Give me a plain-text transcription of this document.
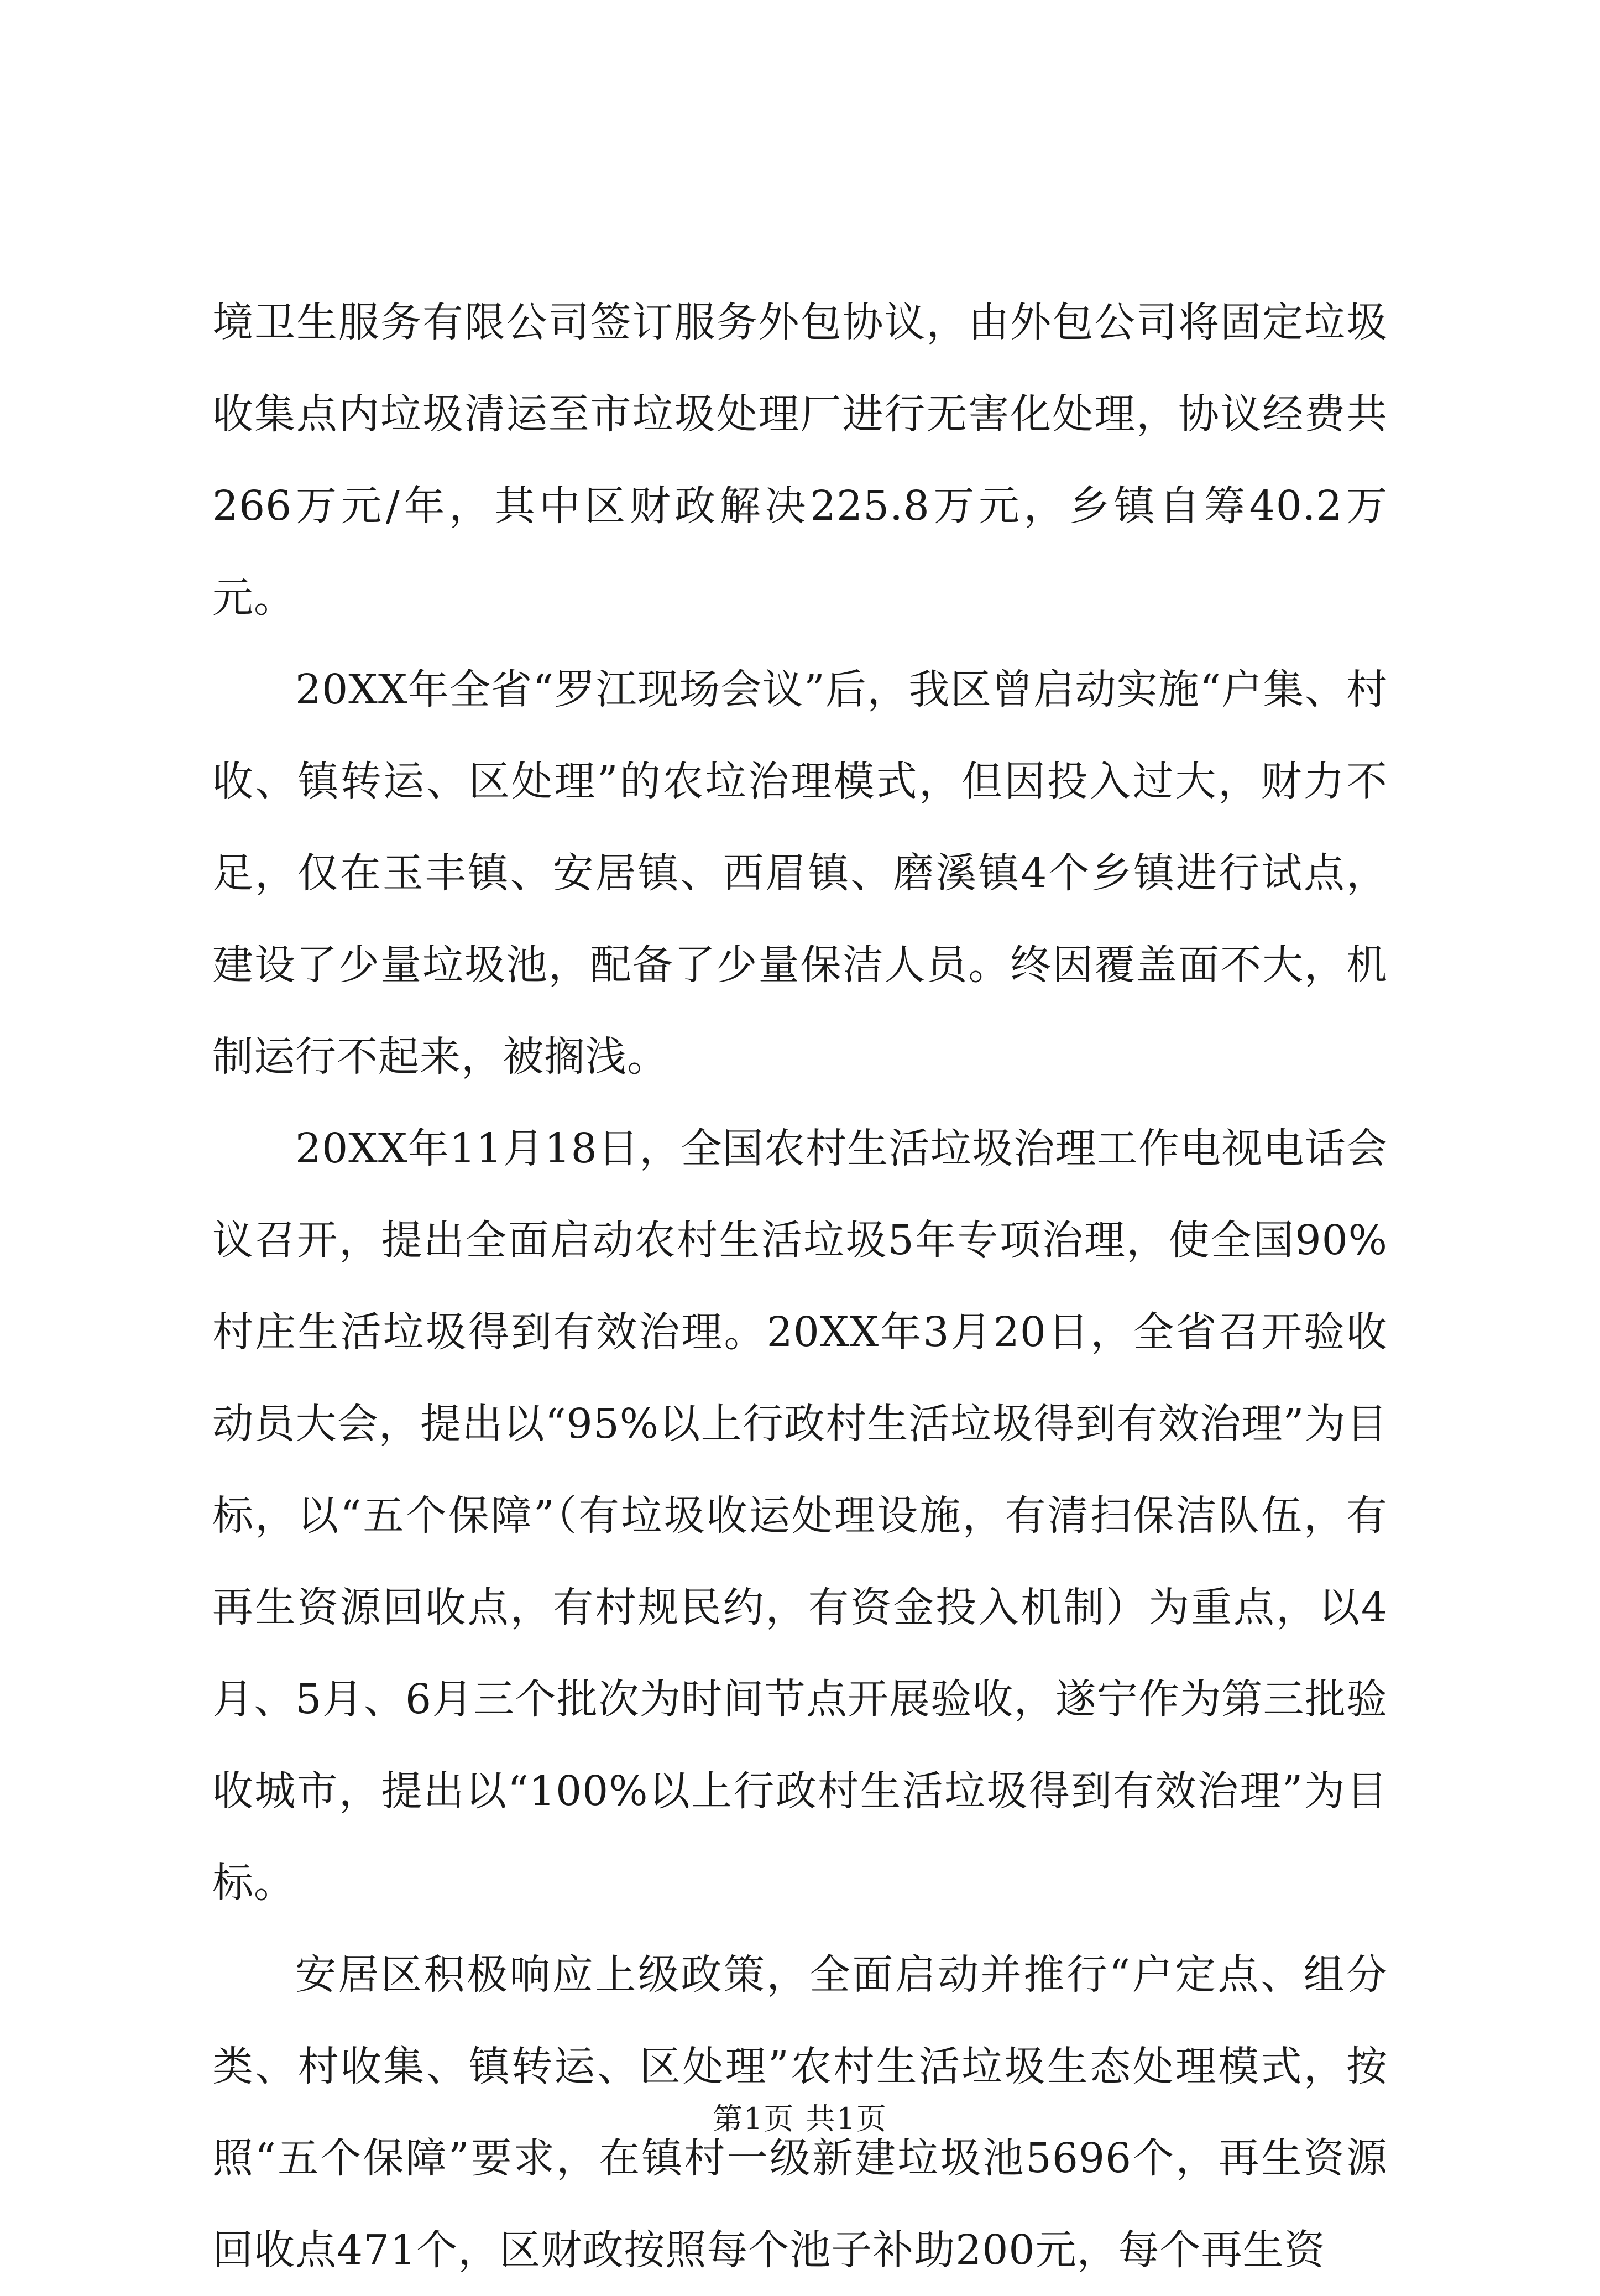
境卫生服务有限公司签订服务外包协议，由外包公司将固定垃圾收集点内垃圾清运至市垃圾处理厂进行无害化处理，协议经费共266万元/年，其中区财政解决225.8万元，乡镇自筹40.2万元。

20XX年全省“罗江现场会议”后，我区曾启动实施“户集、村收、镇转运、区处理”的农垃治理模式，但因投入过大，财力不足，仅在玉丰镇、安居镇、西眉镇、磨溪镇4个乡镇进行试点，建设了少量垃圾池，配备了少量保洁人员。终因覆盖面不大，机制运行不起来，被搁浅。

20XX年11月18日，全国农村生活垃圾治理工作电视电话会议召开，提出全面启动农村生活垃圾5年专项治理，使全国90%村庄生活垃圾得到有效治理。20XX年3月20日，全省召开验收动员大会，提出以“95%以上行政村生活垃圾得到有效治理”为目标，以“五个保障”（有垃圾收运处理设施，有清扫保洁队伍，有再生资源回收点，有村规民约，有资金投入机制）为重点，以4月、5月、6月三个批次为时间节点开展验收，遂宁作为第三批验收城市，提出以“100%以上行政村生活垃圾得到有效治理”为目标。

安居区积极响应上级政策，全面启动并推行“户定点、组分类、村收集、镇转运、区处理”农村生活垃圾生态处理模式，按照“五个保障”要求，在镇村一级新建垃圾池5696个，再生资源回收点471个，区财政按照每个池子补助200元，每个再生资

第1页 共1页
